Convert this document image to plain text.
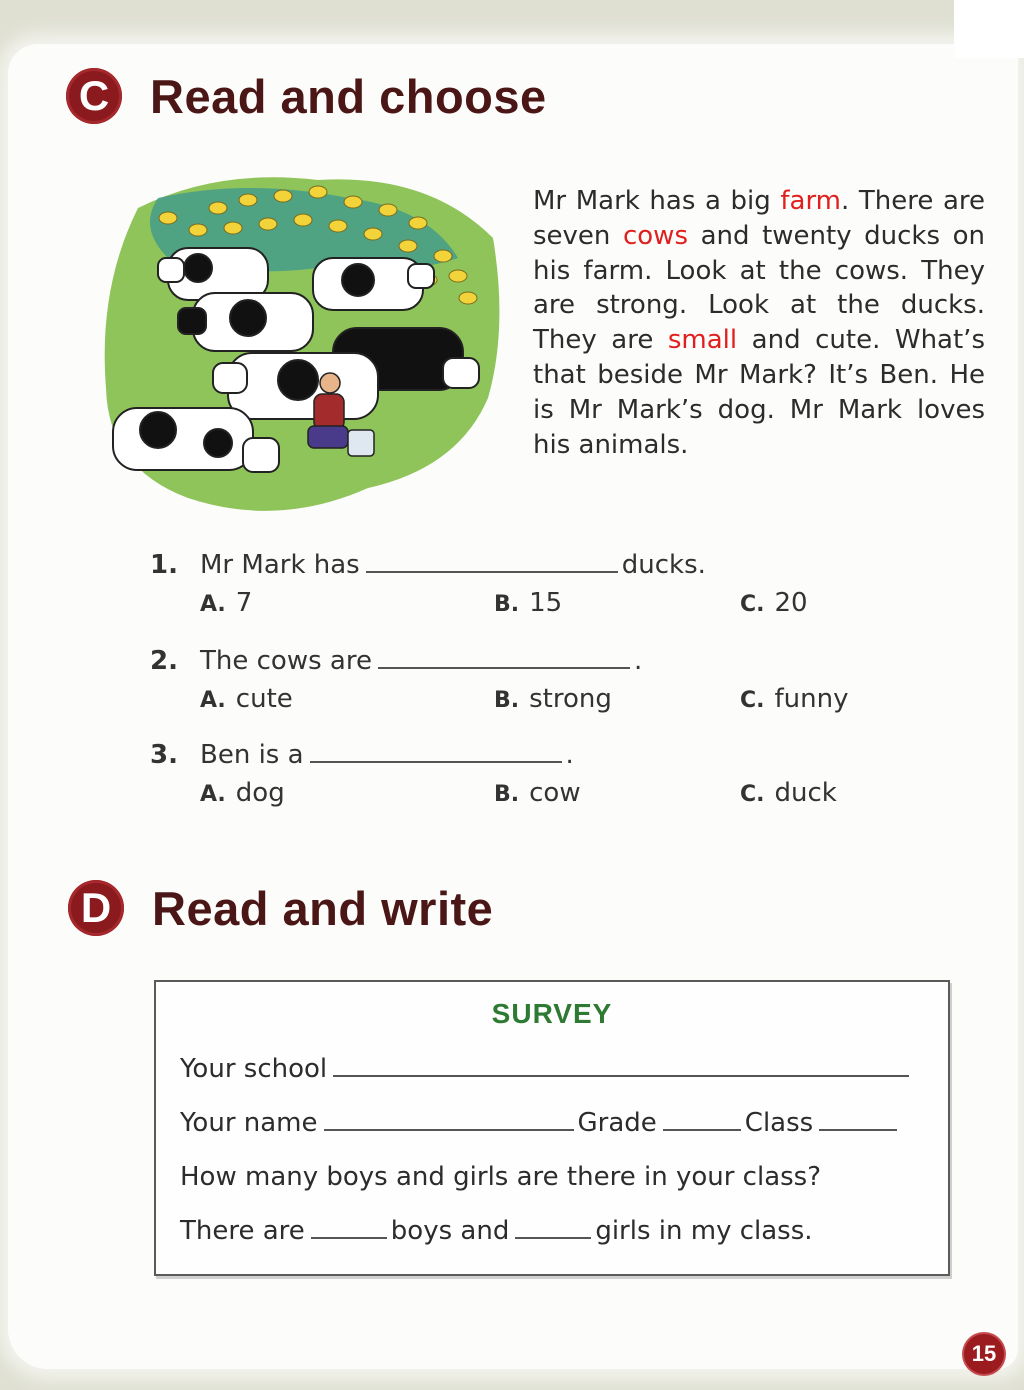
C Read and choose
Mr Mark has a big farm. There are seven cows and twenty ducks on his farm. Look at the cows. They are strong. Look at the ducks. They are small and cute. What’s that beside Mr Mark? It’s Ben. He is Mr Mark’s dog. Mr Mark loves his animals.
1. Mr Mark has	ducks.
A. 7	B. 15	C. 20
2. The cows are	.
A. cute	B. strong	C. funny
3. Ben is a	.
A. dog	B. cow	C. duck
D Read and write
SURVEY
Your school
Your name	Grade	Class
How many boys and girls are there in your class?
There are	boys and	girls in my class.
15
